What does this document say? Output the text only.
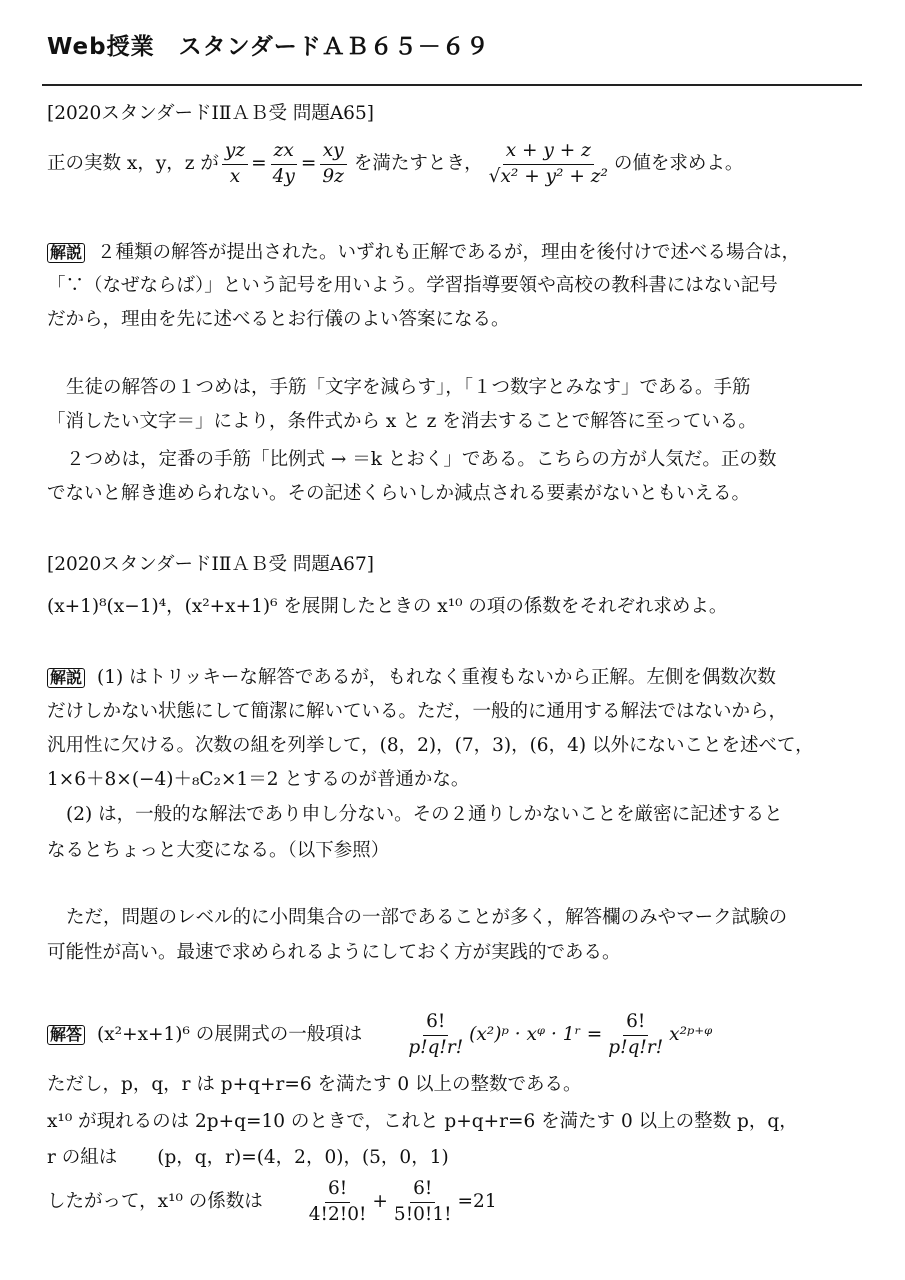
Web授業　スタンダードＡＢ６５－６９
[2020スタンダードⅠⅡＡＢ受 問題A65]
正の実数 x，y，z が $\frac{yz}{x} = \frac{zx}{4y} = \frac{xy}{9z}$ を満たすとき， $\frac{x + y + z}{\text{√x² + y² + z²}}$ の値を求めよ。
解説 ２種類の解答が提出された。いずれも正解であるが，理由を後付けで述べる場合は，
「∵（なぜならば）」という記号を用いよう。学習指導要領や高校の教科書にはない記号
だから，理由を先に述べるとお行儀のよい答案になる。
生徒の解答の１つめは，手筋「文字を減らす」，「１つ数字とみなす」である。手筋
「消したい文字＝」により，条件式から x と z を消去することで解答に至っている。
２つめは，定番の手筋「比例式 → ＝k とおく」である。こちらの方が人気だ。正の数
でないと解き進められない。その記述くらいしか減点される要素がないともいえる。
[2020スタンダードⅠⅡＡＢ受 問題A67]
(x+1)⁸(x−1)⁴，(x²+x+1)⁶ を展開したときの x¹⁰ の項の係数をそれぞれ求めよ。
解説 (1) はトリッキーな解答であるが，もれなく重複もないから正解。左側を偶数次数
だけしかない状態にして簡潔に解いている。ただ，一般的に通用する解法ではないから，
汎用性に欠ける。次数の組を列挙して，(8，2)，(7，3)，(6，4) 以外にないことを述べて，
1×6＋8×(−4)＋₈C₂×1＝2 とするのが普通かな。
(2) は，一般的な解法であり申し分ない。その２通りしかないことを厳密に記述すると
なるとちょっと大変になる。（以下参照）
ただ，問題のレベル的に小問集合の一部であることが多く，解答欄のみやマーク試験の
可能性が高い。最速で求められるようにしておく方が実践的である。
解答 (x²+x+1)⁶ の展開式の一般項は $\frac{6!}{p!q!r!}$ (x²)ᵖ · xᵠ · 1ʳ = $\frac{6!}{p!q!r!}$ x²ᵖ⁺ᵠ
ただし，p，q，r は p+q+r=6 を満たす 0 以上の整数である。
x¹⁰ が現れるのは 2p+q=10 のときで，これと p+q+r=6 を満たす 0 以上の整数 p，q，
r の組は (p，q，r)=(4，2，0)，(5，0，1)
したがって，x¹⁰ の係数は $\frac{6!}{4!2!0!} + \frac{6!}{5!0!1!} =21$
